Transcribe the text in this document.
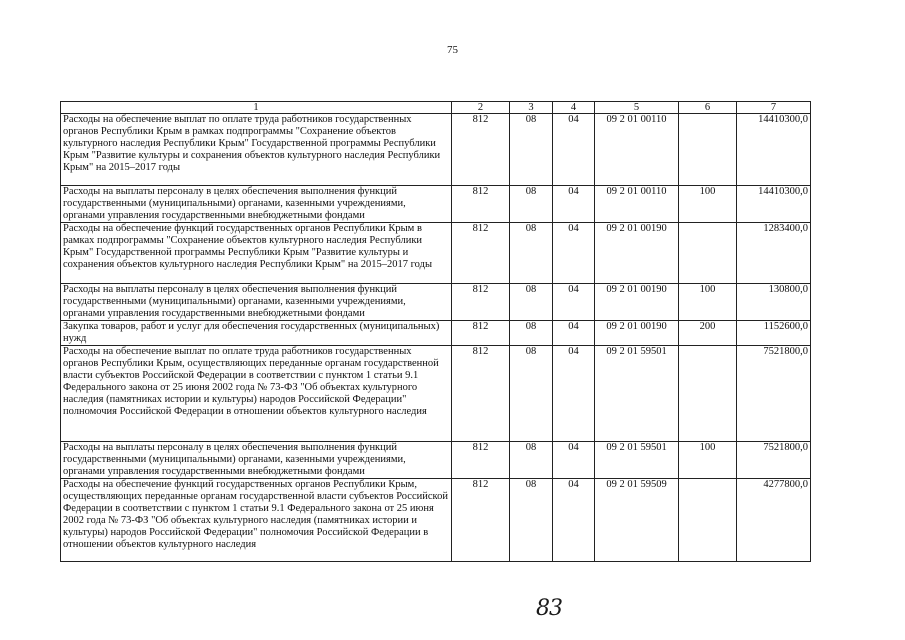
75
1	2	3	4	5	6	7
Расходы на обеспечение выплат по оплате труда работников государственных органов Республики Крым в рамках подпрограммы "Сохранение объектов культурного наследия Республики Крым" Государственной программы Республики Крым "Развитие культуры и сохранения объектов культурного наследия Республики Крым" на 2015–2017 годы	812	08	04	09 2 01 00110		14410300,0
Расходы на выплаты персоналу в целях обеспечения выполнения функций государственными (муниципальными) органами, казенными учреждениями, органами управления государственными внебюджетными фондами	812	08	04	09 2 01 00110	100	14410300,0
Расходы на обеспечение функций государственных органов Республики Крым в рамках подпрограммы "Сохранение объектов культурного наследия Республики Крым" Государственной программы Республики Крым "Развитие культуры и сохранения объектов культурного наследия Республики Крым" на 2015–2017 годы	812	08	04	09 2 01 00190		1283400,0
Расходы на выплаты персоналу в целях обеспечения выполнения функций государственными (муниципальными) органами, казенными учреждениями, органами управления государственными внебюджетными фондами	812	08	04	09 2 01 00190	100	130800,0
Закупка товаров, работ и услуг для обеспечения государственных (муниципальных) нужд	812	08	04	09 2 01 00190	200	1152600,0
Расходы на обеспечение выплат по оплате труда работников государственных органов Республики Крым, осуществляющих переданные органам государственной власти субъектов Российской Федерации в соответствии с пунктом 1 статьи 9.1 Федерального закона от 25 июня 2002 года № 73-ФЗ "Об объектах культурного наследия (памятниках истории и культуры) народов Российской Федерации" полномочия Российской Федерации в отношении объектов культурного наследия	812	08	04	09 2 01 59501		7521800,0
Расходы на выплаты персоналу в целях обеспечения выполнения функций государственными (муниципальными) органами, казенными учреждениями, органами управления государственными внебюджетными фондами	812	08	04	09 2 01 59501	100	7521800,0
Расходы на обеспечение функций государственных органов Республики Крым, осуществляющих переданные органам государственной власти субъектов Российской Федерации в соответствии с пунктом 1 статьи 9.1 Федерального закона от 25 июня 2002 года № 73-ФЗ "Об объектах культурного наследия (памятниках истории и культуры) народов Российской Федерации" полномочия Российской Федерации в отношении объектов культурного наследия	812	08	04	09 2 01 59509		4277800,0
83
